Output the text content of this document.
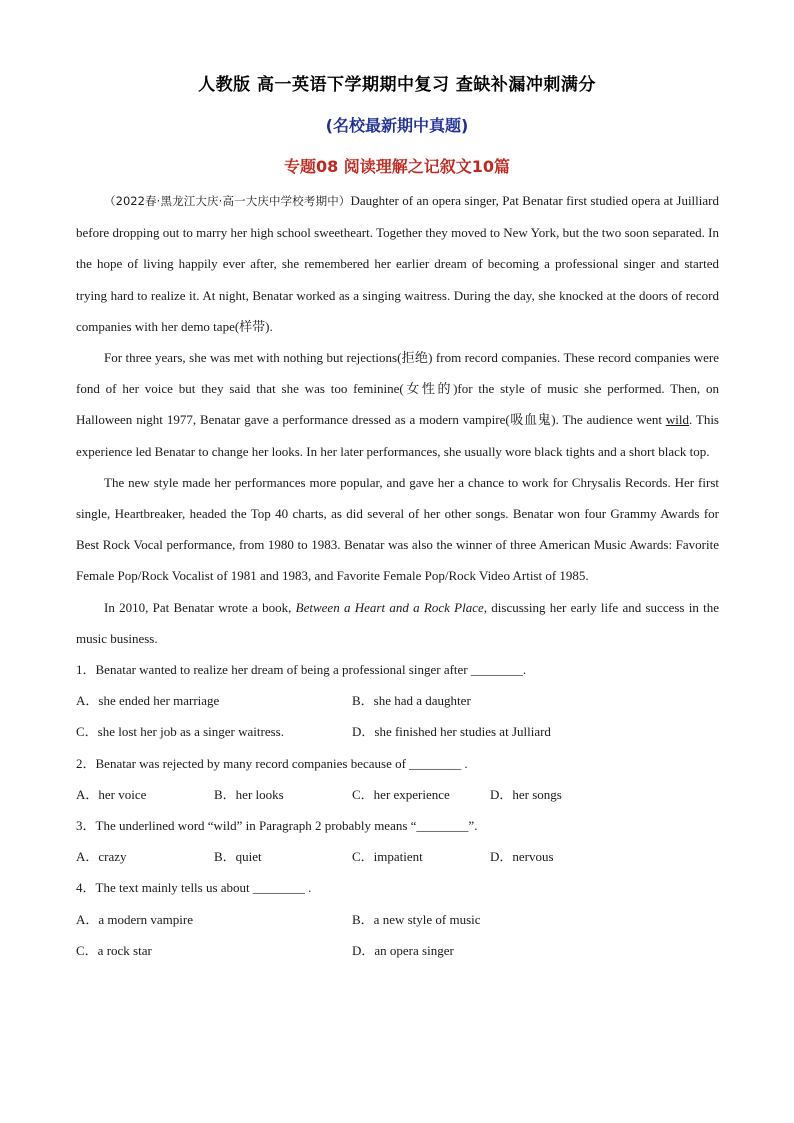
人教版 高一英语下学期期中复习 查缺补漏冲刺满分
(名校最新期中真题)
专题08 阅读理解之记叙文10篇

（2022春·黑龙江大庆·高一大庆中学校考期中）Daughter of an opera singer, Pat Benatar first studied opera at Juilliard before dropping out to marry her high school sweetheart. Together they moved to New York, but the two soon separated. In the hope of living happily ever after, she remembered her earlier dream of becoming a professional singer and started trying hard to realize it. At night, Benatar worked as a singing waitress. During the day, she knocked at the doors of record companies with her demo tape(样带).

For three years, she was met with nothing but rejections(拒绝) from record companies. These record companies were fond of her voice but they said that she was too feminine(女性的)for the style of music she performed. Then, on Halloween night 1977, Benatar gave a performance dressed as a modern vampire(吸血鬼). The audience went wild. This experience led Benatar to change her looks. In her later performances, she usually wore black tights and a short black top.

The new style made her performances more popular, and gave her a chance to work for Chrysalis Records. Her first single, Heartbreaker, headed the Top 40 charts, as did several of her other songs. Benatar won four Grammy Awards for Best Rock Vocal performance, from 1980 to 1983. Benatar was also the winner of three American Music Awards: Favorite Female Pop/Rock Vocalist of 1981 and 1983, and Favorite Female Pop/Rock Video Artist of 1985.

In 2010, Pat Benatar wrote a book, Between a Heart and a Rock Place, discussing her early life and success in the music business.

1．Benatar wanted to realize her dream of being a professional singer after ________.
A．she ended her marriage	B．she had a daughter
C．she lost her job as a singer waitress.	D．she finished her studies at Julliard
2．Benatar was rejected by many record companies because of ________ .
A．her voice	B．her looks	C．her experience	D．her songs
3．The underlined word “wild” in Paragraph 2 probably means “________”.
A．crazy	B．quiet	C．impatient	D．nervous
4．The text mainly tells us about ________ .
A．a modern vampire	B．a new style of music
C．a rock star	D．an opera singer
